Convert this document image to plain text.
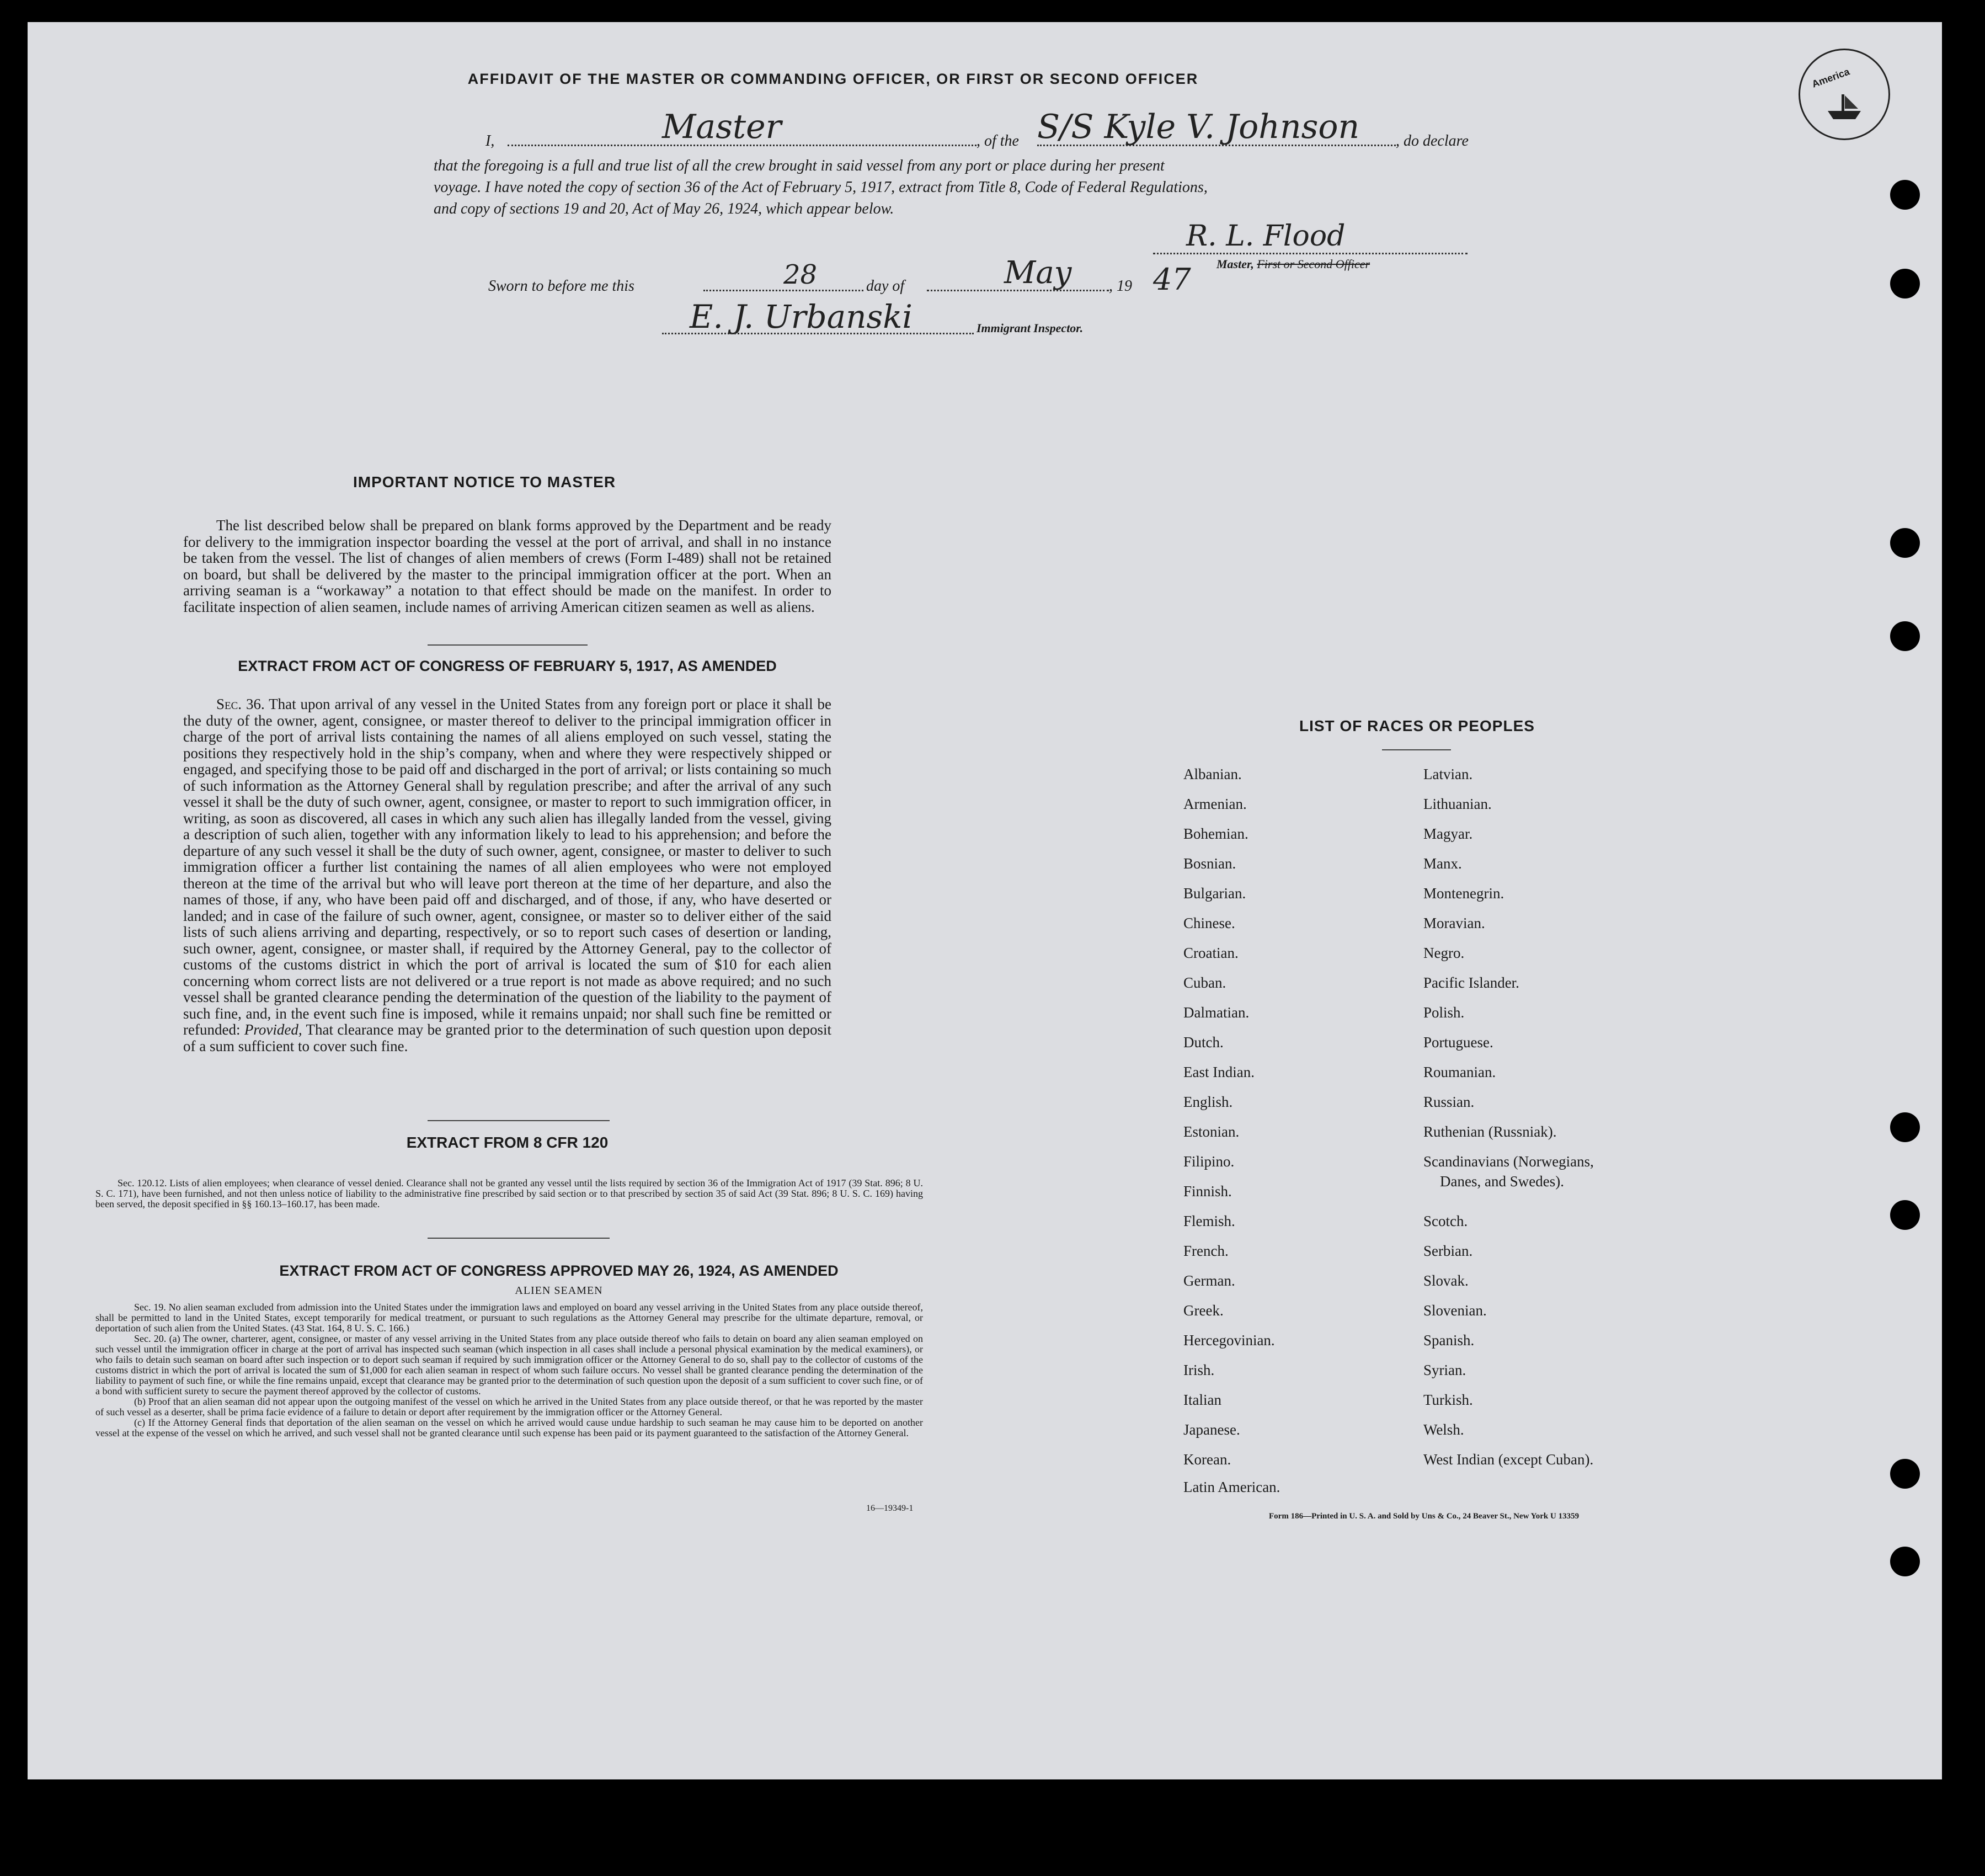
AFFIDAVIT OF THE MASTER OR COMMANDING OFFICER, OR FIRST OR SECOND OFFICER
I,	Master	, of the S/S Kyle V. Johnson , do declare
that the foregoing is a full and true list of all the crew brought in said vessel from any port or place during her present
voyage. I have noted the copy of section 36 of the Act of February 5, 1917, extract from Title 8, Code of Federal Regulations,
and copy of sections 19 and 20, Act of May 26, 1924, which appear below.
R. L. Flood
Master, First or Second Officer
Sworn to before me this	28	day of	May , 19 47
E. J. Urbanski	Immigrant Inspector.
IMPORTANT NOTICE TO MASTER
The list described below shall be prepared on blank forms approved by the Department and be ready for delivery to the immigration inspector boarding the vessel at the port of arrival, and shall in no instance be taken from the vessel. The list of changes of alien members of crews (Form I-489) shall not be retained on board, but shall be delivered by the master to the principal immigration officer at the port. When an arriving seaman is a “workaway” a notation to that effect should be made on the manifest. In order to facilitate inspection of alien seamen, include names of arriving American citizen seamen as well as aliens.
EXTRACT FROM ACT OF CONGRESS OF FEBRUARY 5, 1917, AS AMENDED
Sec. 36. That upon arrival of any vessel in the United States from any foreign port or place it shall be the duty of the owner, agent, consignee, or master thereof to deliver to the principal immigration officer in charge of the port of arrival lists containing the names of all aliens employed on such vessel, stating the positions they respectively hold in the ship’s company, when and where they were respectively shipped or engaged, and specifying those to be paid off and discharged in the port of arrival; or lists containing so much of such information as the Attorney General shall by regulation prescribe; and after the arrival of any such vessel it shall be the duty of such owner, agent, consignee, or master to report to such immigration officer, in writing, as soon as discovered, all cases in which any such alien has illegally landed from the vessel, giving a description of such alien, together with any information likely to lead to his apprehension; and before the departure of any such vessel it shall be the duty of such owner, agent, consignee, or master to deliver to such immigration officer a further list containing the names of all alien employees who were not employed thereon at the time of the arrival but who will leave port thereon at the time of her departure, and also the names of those, if any, who have been paid off and discharged, and of those, if any, who have deserted or landed; and in case of the failure of such owner, agent, consignee, or master so to deliver either of the said lists of such aliens arriving and departing, respectively, or so to report such cases of desertion or landing, such owner, agent, consignee, or master shall, if required by the Attorney General, pay to the collector of customs of the customs district in which the port of arrival is located the sum of $10 for each alien concerning whom correct lists are not delivered or a true report is not made as above required; and no such vessel shall be granted clearance pending the determination of the question of the liability to the payment of such fine, and, in the event such fine is imposed, while it remains unpaid; nor shall such fine be remitted or refunded: Provided, That clearance may be granted prior to the determination of such question upon deposit of a sum sufficient to cover such fine.
EXTRACT FROM 8 CFR 120
Sec. 120.12. Lists of alien employees; when clearance of vessel denied. Clearance shall not be granted any vessel until the lists required by section 36 of the Immigration Act of 1917 (39 Stat. 896; 8 U. S. C. 171), have been furnished, and not then unless notice of liability to the administrative fine prescribed by said section or to that prescribed by section 35 of said Act (39 Stat. 896; 8 U. S. C. 169) having been served, the deposit specified in §§ 160.13–160.17, has been made.
EXTRACT FROM ACT OF CONGRESS APPROVED MAY 26, 1924, AS AMENDED
ALIEN SEAMEN
Sec. 19. No alien seaman excluded from admission into the United States under the immigration laws and employed on board any vessel arriving in the United States from any place outside thereof, shall be permitted to land in the United States, except temporarily for medical treatment, or pursuant to such regulations as the Attorney General may prescribe for the ultimate departure, removal, or deportation of such alien from the United States. (43 Stat. 164, 8 U. S. C. 166.)
Sec. 20. (a) The owner, charterer, agent, consignee, or master of any vessel arriving in the United States from any place outside thereof who fails to detain on board any alien seaman employed on such vessel until the immigration officer in charge at the port of arrival has inspected such seaman (which inspection in all cases shall include a personal physical examination by the medical examiners), or who fails to detain such seaman on board after such inspection or to deport such seaman if required by such immigration officer or the Attorney General to do so, shall pay to the collector of customs of the customs district in which the port of arrival is located the sum of $1,000 for each alien seaman in respect of whom such failure occurs. No vessel shall be granted clearance pending the determination of the liability to payment of such fine, or while the fine remains unpaid, except that clearance may be granted prior to the determination of such question upon the deposit of a sum sufficient to cover such fine, or of a bond with sufficient surety to secure the payment thereof approved by the collector of customs.
(b) Proof that an alien seaman did not appear upon the outgoing manifest of the vessel on which he arrived in the United States from any place outside thereof, or that he was reported by the master of such vessel as a deserter, shall be prima facie evidence of a failure to detain or deport after requirement by the immigration officer or the Attorney General.
(c) If the Attorney General finds that deportation of the alien seaman on the vessel on which he arrived would cause undue hardship to such seaman he may cause him to be deported on another vessel at the expense of the vessel on which he arrived, and such vessel shall not be granted clearance until such expense has been paid or its payment guaranteed to the satisfaction of the Attorney General.
16—19349-1
LIST OF RACES OR PEOPLES
Albanian.
Armenian.
Bohemian.
Bosnian.
Bulgarian.
Chinese.
Croatian.
Cuban.
Dalmatian.
Dutch.
East Indian.
English.
Estonian.
Filipino.
Finnish.
Flemish.
French.
German.
Greek.
Hercegovinian.
Irish.
Italian
Japanese.
Korean.
Latin American.
Latvian.
Lithuanian.
Magyar.
Manx.
Montenegrin.
Moravian.
Negro.
Pacific Islander.
Polish.
Portuguese.
Roumanian.
Russian.
Ruthenian (Russniak).
Scandinavians (Norwegians,
Danes, and Swedes).
Scotch.
Serbian.
Slovak.
Slovenian.
Spanish.
Syrian.
Turkish.
Welsh.
West Indian (except Cuban).
Form 186—Printed in U. S. A. and Sold by Uns & Co., 24 Beaver St., New York U 13359
America
